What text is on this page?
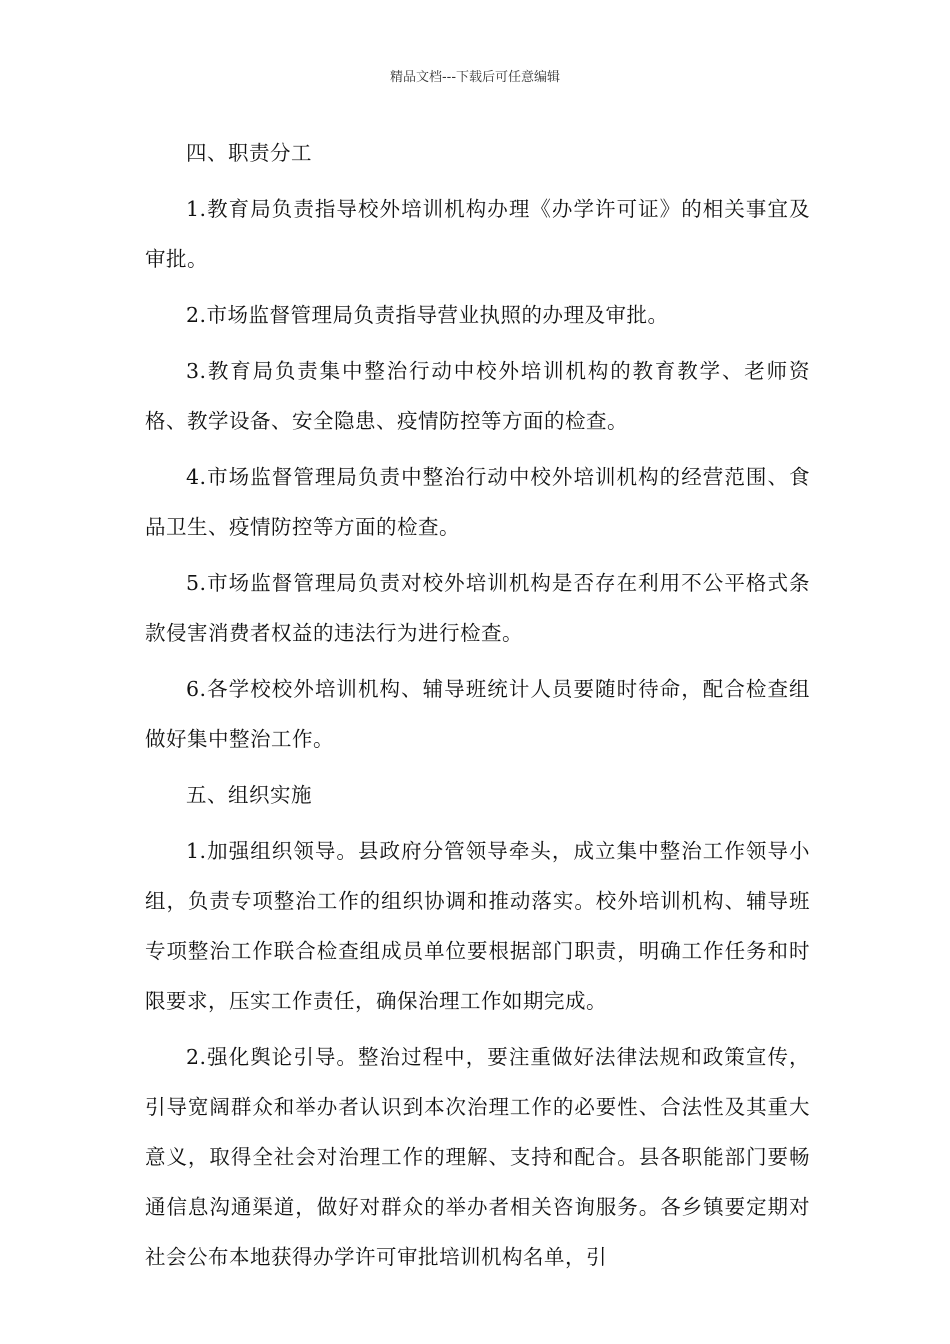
精品文档---下载后可任意编辑

四、职责分工

1.教育局负责指导校外培训机构办理《办学许可证》的相关事宜及审批。

2.市场监督管理局负责指导营业执照的办理及审批。

3.教育局负责集中整治行动中校外培训机构的教育教学、老师资格、教学设备、安全隐患、疫情防控等方面的检查。

4.市场监督管理局负责中整治行动中校外培训机构的经营范围、食品卫生、疫情防控等方面的检查。

5.市场监督管理局负责对校外培训机构是否存在利用不公平格式条款侵害消费者权益的违法行为进行检查。

6.各学校校外培训机构、辅导班统计人员要随时待命，配合检查组做好集中整治工作。

五、组织实施

1.加强组织领导。县政府分管领导牵头，成立集中整治工作领导小组，负责专项整治工作的组织协调和推动落实。校外培训机构、辅导班专项整治工作联合检查组成员单位要根据部门职责，明确工作任务和时限要求，压实工作责任，确保治理工作如期完成。

2.强化舆论引导。整治过程中，要注重做好法律法规和政策宣传，引导宽阔群众和举办者认识到本次治理工作的必要性、合法性及其重大意义，取得全社会对治理工作的理解、支持和配合。县各职能部门要畅通信息沟通渠道，做好对群众的举办者相关咨询服务。各乡镇要定期对社会公布本地获得办学许可审批培训机构名单，引
